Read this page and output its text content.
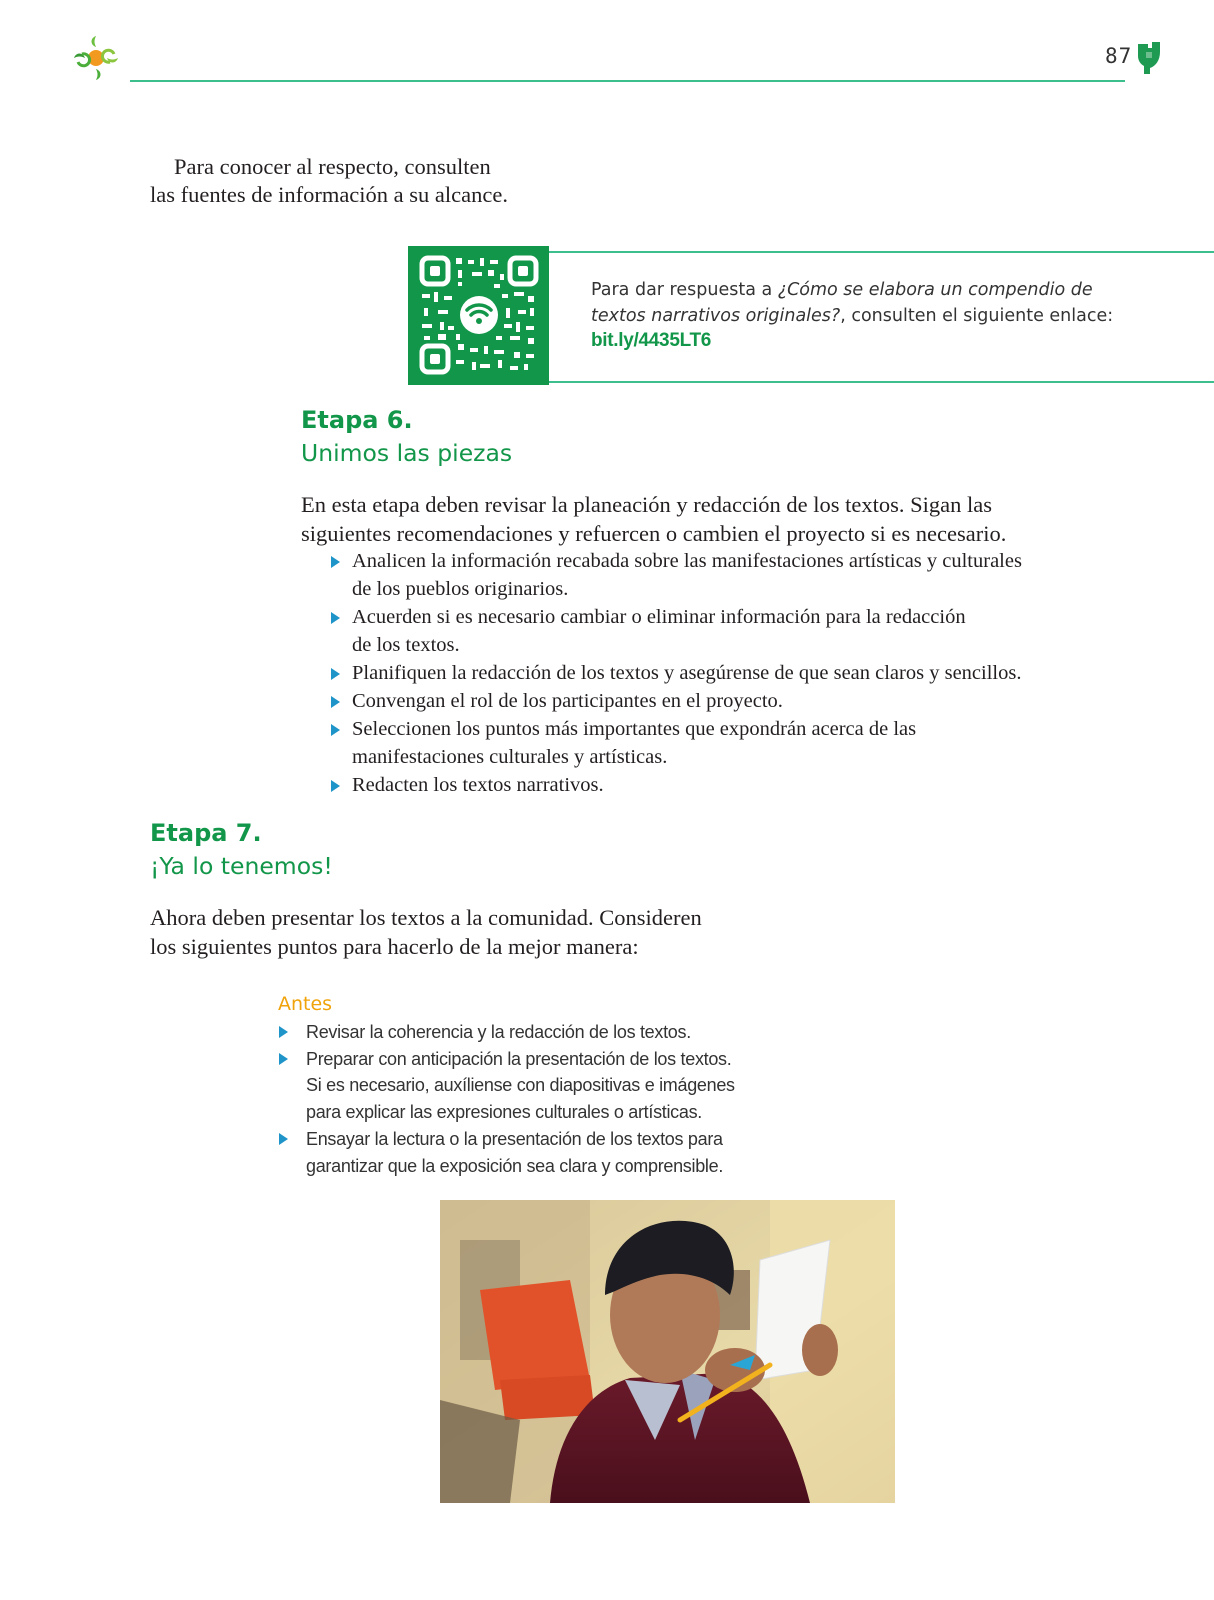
87
Para conocer al respecto, consulten
las fuentes de información a su alcance.
Para dar respuesta a ¿Cómo se elabora un compendio de textos narrativos originales?, consulten el siguiente enlace:
bit.ly/4435LT6
Etapa 6.
Unimos las piezas
En esta etapa deben revisar la planeación y redacción de los textos. Sigan las
siguientes recomendaciones y refuercen o cambien el proyecto si es necesario.
Analicen la información recabada sobre las manifestaciones artísticas y culturales
de los pueblos originarios.
Acuerden si es necesario cambiar o eliminar información para la redacción
de los textos.
Planifiquen la redacción de los textos y asegúrense de que sean claros y sencillos.
Convengan el rol de los participantes en el proyecto.
Seleccionen los puntos más importantes que expondrán acerca de las
manifestaciones culturales y artísticas.
Redacten los textos narrativos.
Etapa 7.
¡Ya lo tenemos!
Ahora deben presentar los textos a la comunidad. Consideren
los siguientes puntos para hacerlo de la mejor manera:
Antes
Revisar la coherencia y la redacción de los textos.
Preparar con anticipación la presentación de los textos.
Si es necesario, auxíliense con diapositivas e imágenes
para explicar las expresiones culturales o artísticas.
Ensayar la lectura o la presentación de los textos para
garantizar que la exposición sea clara y comprensible.
